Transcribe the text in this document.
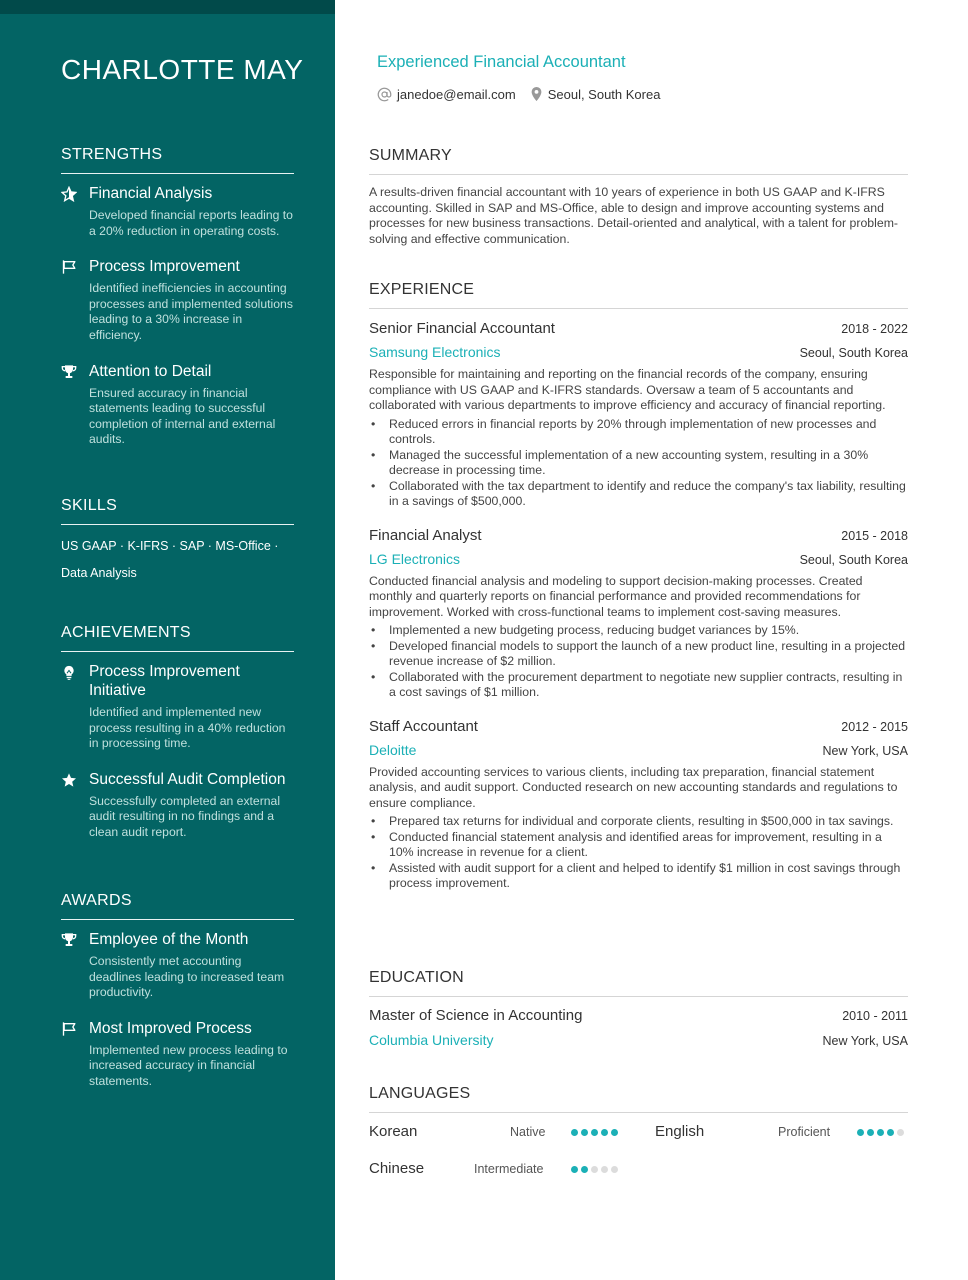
CHARLOTTE MAY
STRENGTHS
Financial Analysis
Developed financial reports leading to a 20% reduction in operating costs.
Process Improvement
Identified inefficiencies in accounting processes and implemented solutions leading to a 30% increase in efficiency.
Attention to Detail
Ensured accuracy in financial statements leading to successful completion of internal and external audits.
SKILLS
US GAAP · K-IFRS · SAP · MS-Office ·
Data Analysis
ACHIEVEMENTS
Process Improvement Initiative
Identified and implemented new process resulting in a 40% reduction in processing time.
Successful Audit Completion
Successfully completed an external audit resulting in no findings and a clean audit report.
AWARDS
Employee of the Month
Consistently met accounting deadlines leading to increased team productivity.
Most Improved Process
Implemented new process leading to increased accuracy in financial statements.
Experienced Financial Accountant
janedoe@email.com Seoul, South Korea
SUMMARY
A results-driven financial accountant with 10 years of experience in both US GAAP and K-IFRS accounting. Skilled in SAP and MS-Office, able to design and improve accounting systems and processes for new business transactions. Detail-oriented and analytical, with a talent for problem-solving and effective communication.
EXPERIENCE
Senior Financial Accountant	2018 - 2022
Samsung Electronics	Seoul, South Korea
Responsible for maintaining and reporting on the financial records of the company, ensuring compliance with US GAAP and K-IFRS standards. Oversaw a team of 5 accountants and collaborated with various departments to improve efficiency and accuracy of financial reporting.
• Reduced errors in financial reports by 20% through implementation of new processes and controls.
• Managed the successful implementation of a new accounting system, resulting in a 30% decrease in processing time.
• Collaborated with the tax department to identify and reduce the company's tax liability, resulting in a savings of $500,000.
Financial Analyst	2015 - 2018
LG Electronics	Seoul, South Korea
Conducted financial analysis and modeling to support decision-making processes. Created monthly and quarterly reports on financial performance and provided recommendations for improvement. Worked with cross-functional teams to implement cost-saving measures.
• Implemented a new budgeting process, reducing budget variances by 15%.
• Developed financial models to support the launch of a new product line, resulting in a projected revenue increase of $2 million.
• Collaborated with the procurement department to negotiate new supplier contracts, resulting in a cost savings of $1 million.
Staff Accountant	2012 - 2015
Deloitte	New York, USA
Provided accounting services to various clients, including tax preparation, financial statement analysis, and audit support. Conducted research on new accounting standards and regulations to ensure compliance.
• Prepared tax returns for individual and corporate clients, resulting in $500,000 in tax savings.
• Conducted financial statement analysis and identified areas for improvement, resulting in a 10% increase in revenue for a client.
• Assisted with audit support for a client and helped to identify $1 million in cost savings through process improvement.
EDUCATION
Master of Science in Accounting	2010 - 2011
Columbia University	New York, USA
LANGUAGES
Korean	Native	English	Proficient
Chinese	Intermediate
